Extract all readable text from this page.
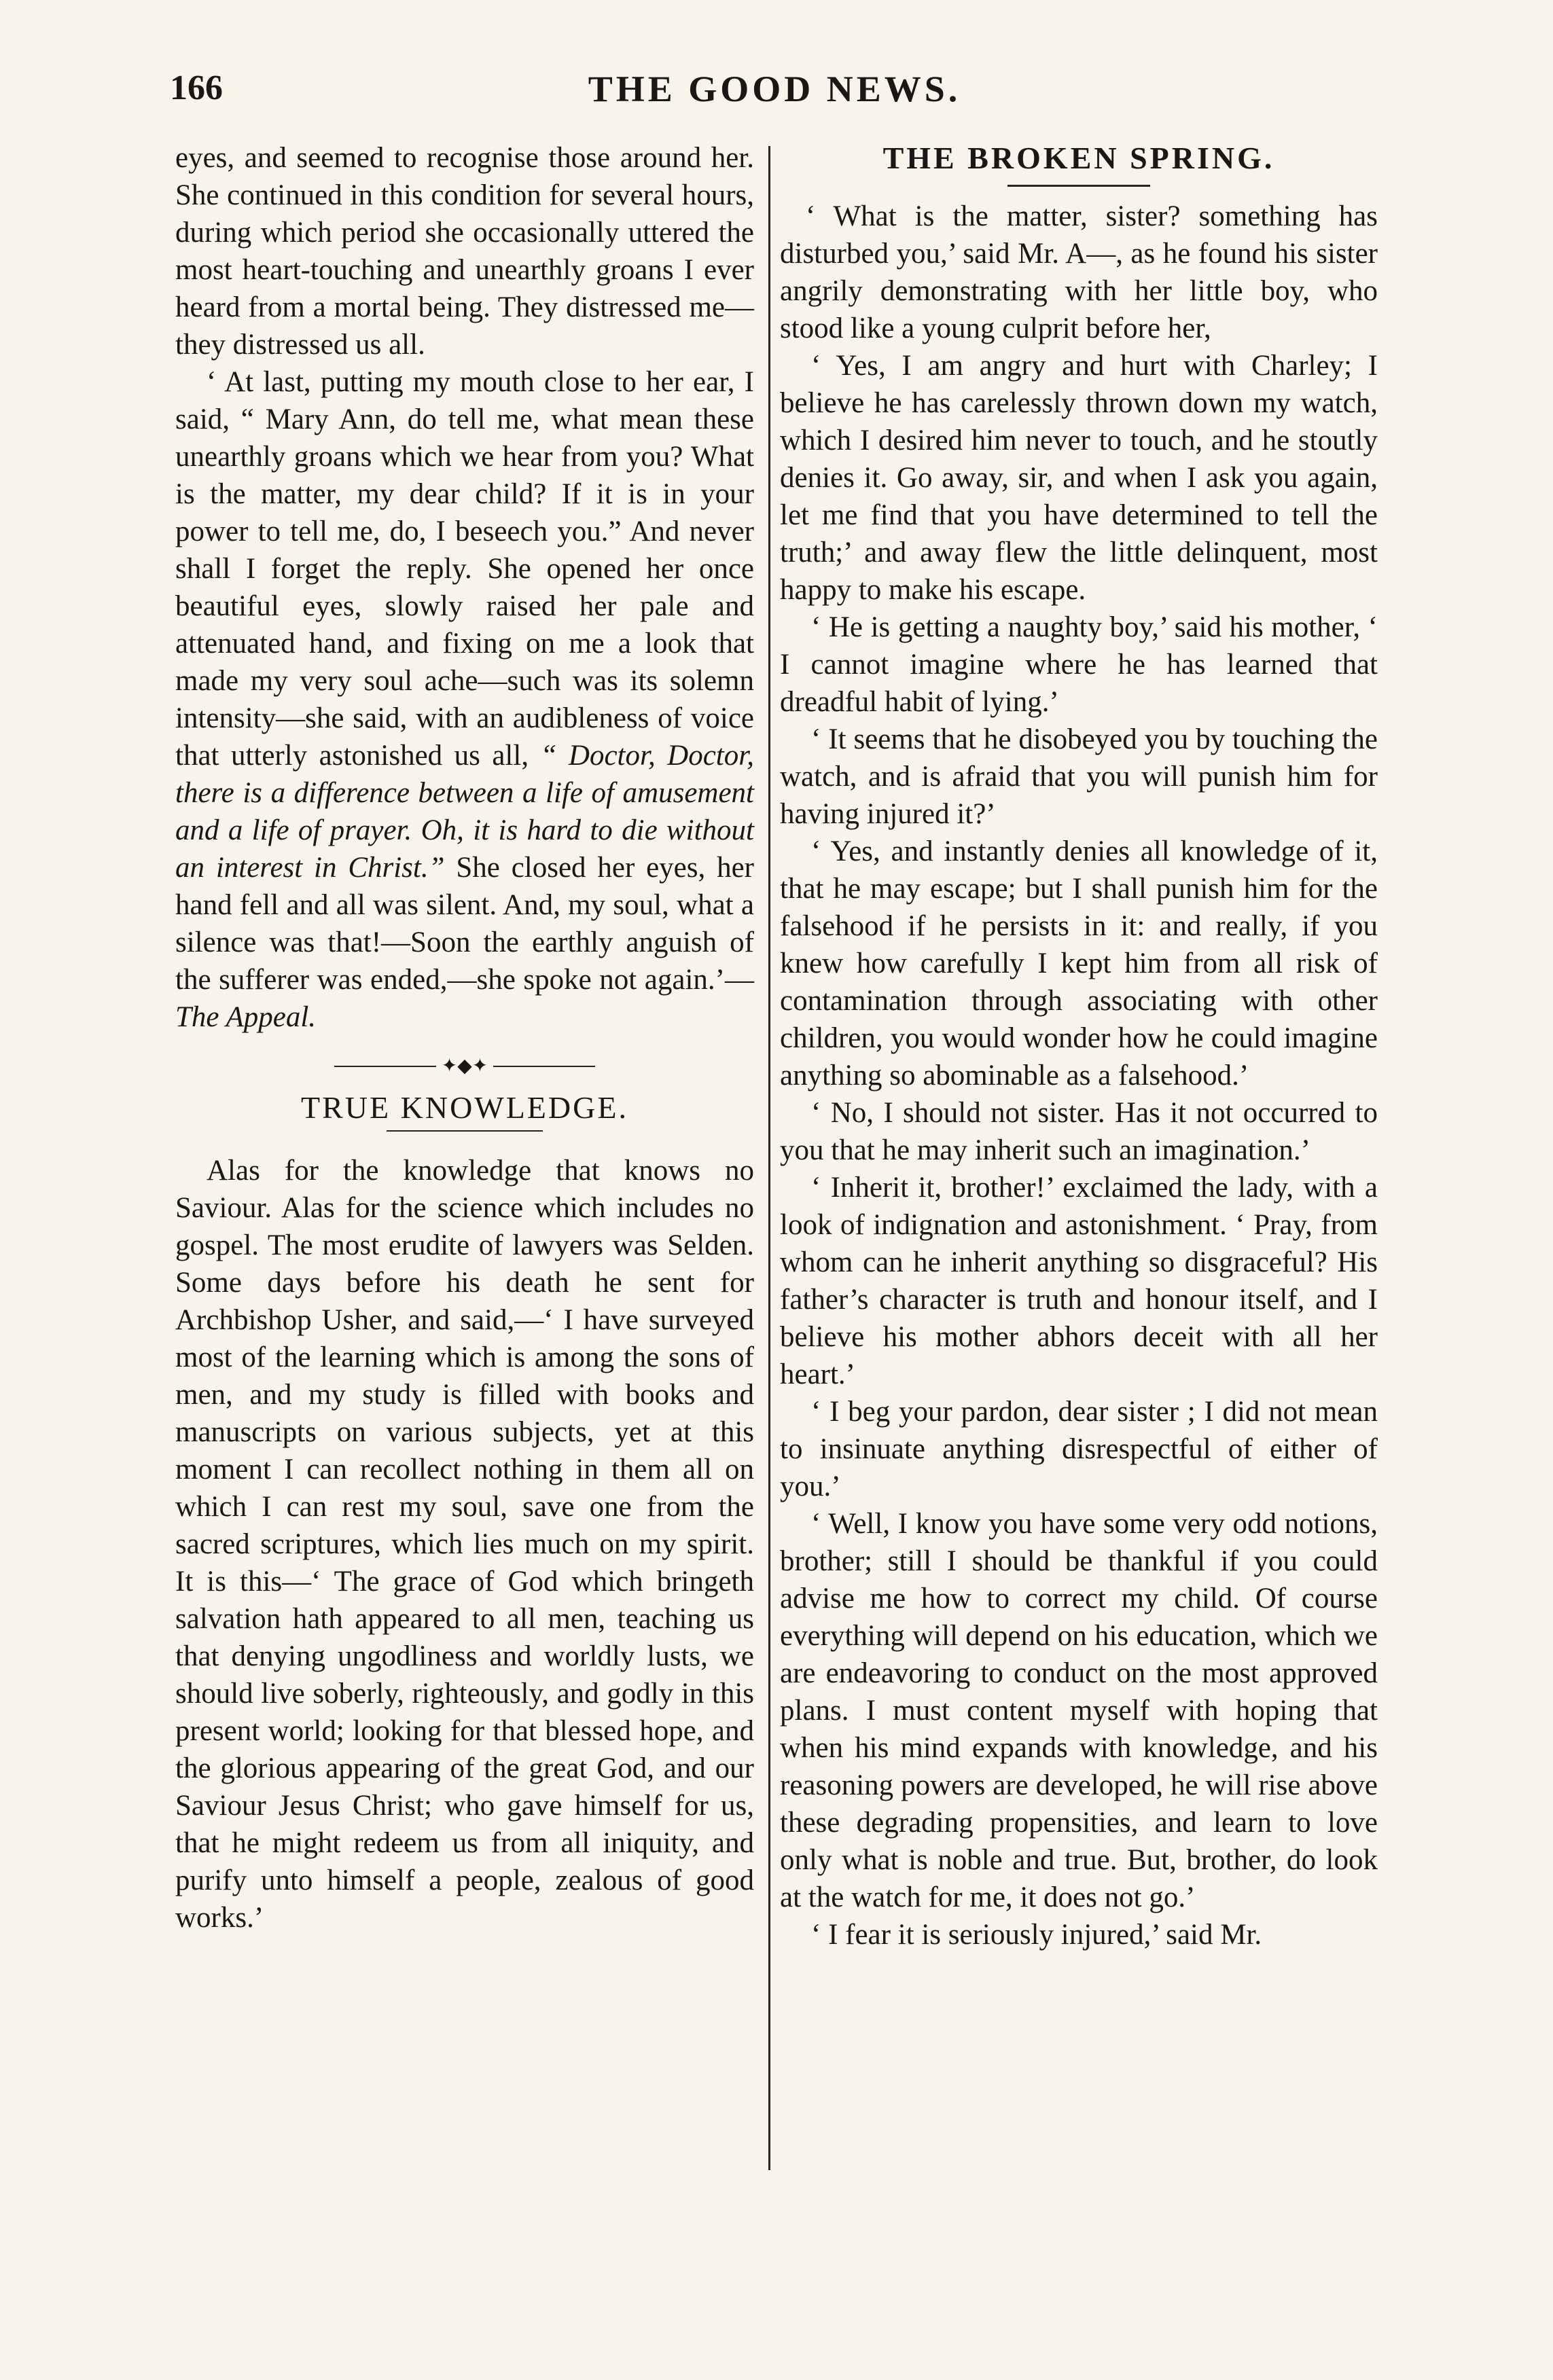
166	THE GOOD NEWS.

eyes, and seemed to recognise those around her. She continued in this condition for several hours, during which period she occasionally uttered the most heart-touching and unearthly groans I ever heard from a mortal being. They distressed me—they distressed us all.

‘ At last, putting my mouth close to her ear, I said, “ Mary Ann, do tell me, what mean these unearthly groans which we hear from you? What is the matter, my dear child? If it is in your power to tell me, do, I beseech you.” And never shall I forget the reply. She opened her once beautiful eyes, slowly raised her pale and attenuated hand, and fixing on me a look that made my very soul ache—such was its solemn intensity—she said, with an audibleness of voice that utterly astonished us all, “ Doctor, Doctor, there is a difference between a life of amusement and a life of prayer. Oh, it is hard to die without an interest in Christ.” She closed her eyes, her hand fell and all was silent. And, my soul, what a silence was that!—Soon the earthly anguish of the sufferer was ended,—she spoke not again.’—The Appeal.

✦◆✦
TRUE KNOWLEDGE.

Alas for the knowledge that knows no Saviour. Alas for the science which includes no gospel. The most erudite of lawyers was Selden. Some days before his death he sent for Archbishop Usher, and said,—‘ I have surveyed most of the learning which is among the sons of men, and my study is filled with books and manuscripts on various subjects, yet at this moment I can recollect nothing in them all on which I can rest my soul, save one from the sacred scriptures, which lies much on my spirit. It is this—‘ The grace of God which bringeth salvation hath appeared to all men, teaching us that denying ungodliness and worldly lusts, we should live soberly, righteously, and godly in this present world; looking for that blessed hope, and the glorious appearing of the great God, and our Saviour Jesus Christ; who gave himself for us, that he might redeem us from all iniquity, and purify unto himself a people, zealous of good works.’

THE BROKEN SPRING.

‘ What is the matter, sister? something has disturbed you,’ said Mr. A—, as he found his sister angrily demonstrating with her little boy, who stood like a young culprit before her,

‘ Yes, I am angry and hurt with Charley; I believe he has carelessly thrown down my watch, which I desired him never to touch, and he stoutly denies it. Go away, sir, and when I ask you again, let me find that you have determined to tell the truth;’ and away flew the little delinquent, most happy to make his escape.

‘ He is getting a naughty boy,’ said his mother, ‘ I cannot imagine where he has learned that dreadful habit of lying.’

‘ It seems that he disobeyed you by touching the watch, and is afraid that you will punish him for having injured it?’

‘ Yes, and instantly denies all knowledge of it, that he may escape; but I shall punish him for the falsehood if he persists in it: and really, if you knew how carefully I kept him from all risk of contamination through associating with other children, you would wonder how he could imagine anything so abominable as a falsehood.’

‘ No, I should not sister. Has it not occurred to you that he may inherit such an imagination.’

‘ Inherit it, brother!’ exclaimed the lady, with a look of indignation and astonishment. ‘ Pray, from whom can he inherit anything so disgraceful? His father’s character is truth and honour itself, and I believe his mother abhors deceit with all her heart.’

‘ I beg your pardon, dear sister ; I did not mean to insinuate anything disrespectful of either of you.’

‘ Well, I know you have some very odd notions, brother; still I should be thankful if you could advise me how to correct my child. Of course everything will depend on his education, which we are endeavoring to conduct on the most approved plans. I must content myself with hoping that when his mind expands with knowledge, and his reasoning powers are developed, he will rise above these degrading propensities, and learn to love only what is noble and true. But, brother, do look at the watch for me, it does not go.’

‘ I fear it is seriously injured,’ said Mr.
